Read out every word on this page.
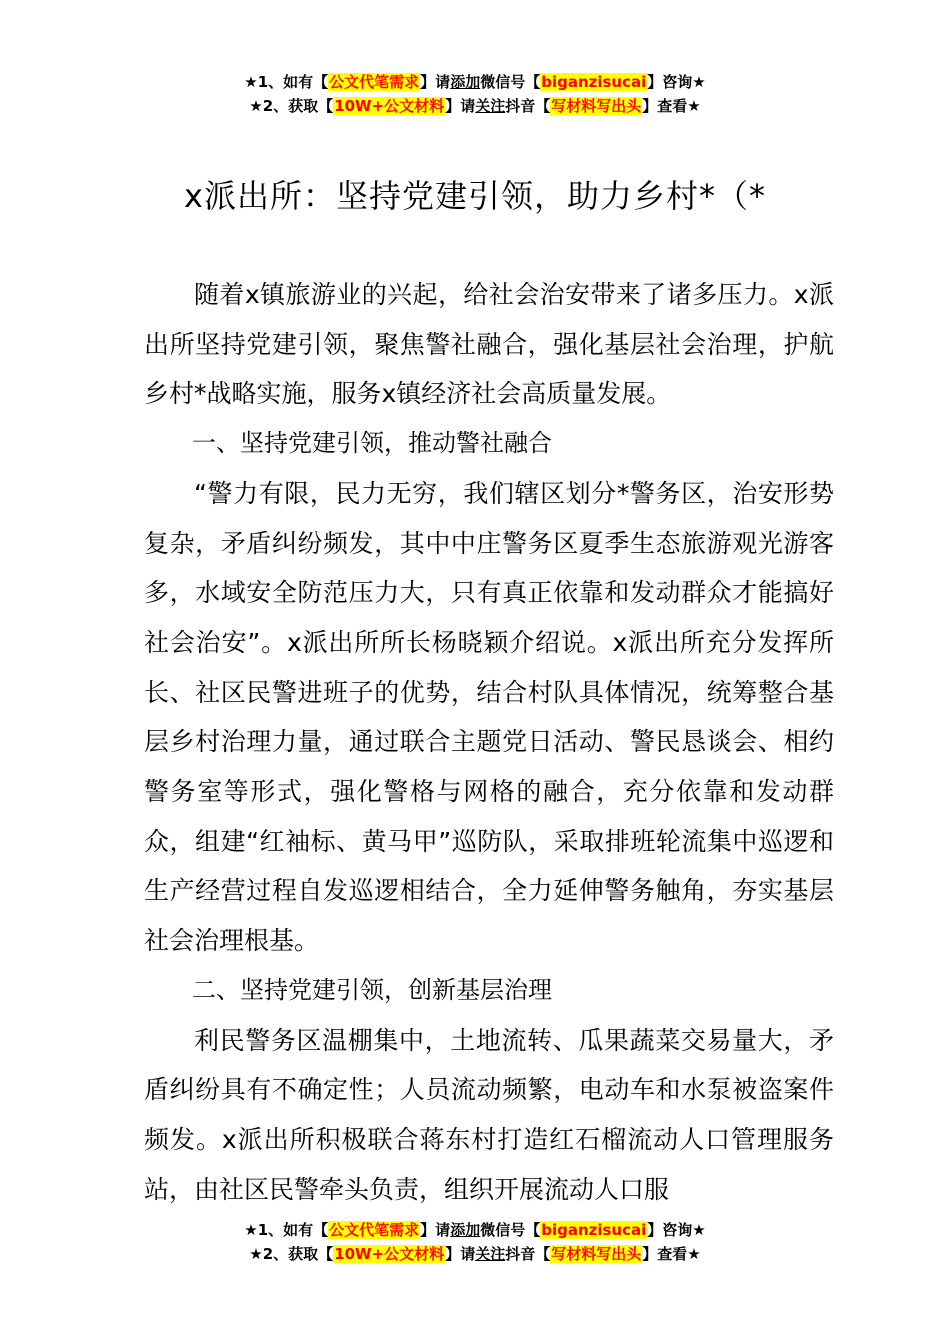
★1、如有【公文代笔需求】请添加微信号【biganzisucai】咨询★
★2、获取【10W+公文材料】请关注抖音【写材料写出头】查看★
x派出所：坚持党建引领，助力乡村*（*

随着x镇旅游业的兴起，给社会治安带来了诸多压力。x派出所坚持党建引领，聚焦警社融合，强化基层社会治理，护航乡村*战略实施，服务x镇经济社会高质量发展。

一、坚持党建引领，推动警社融合

“警力有限，民力无穷，我们辖区划分*警务区，治安形势复杂，矛盾纠纷频发，其中中庄警务区夏季生态旅游观光游客多，水域安全防范压力大，只有真正依靠和发动群众才能搞好社会治安”。x派出所所长杨晓颖介绍说。x派出所充分发挥所长、社区民警进班子的优势，结合村队具体情况，统筹整合基层乡村治理力量，通过联合主题党日活动、警民恳谈会、相约警务室等形式，强化警格与网格的融合，充分依靠和发动群众，组建“红袖标、黄马甲”巡防队，采取排班轮流集中巡逻和生产经营过程自发巡逻相结合，全力延伸警务触角，夯实基层社会治理根基。

二、坚持党建引领，创新基层治理

利民警务区温棚集中，土地流转、瓜果蔬菜交易量大，矛盾纠纷具有不确定性；人员流动频繁，电动车和水泵被盗案件频发。x派出所积极联合蒋东村打造红石榴流动人口管理服务站，由社区民警牵头负责，组织开展流动人口服

★1、如有【公文代笔需求】请添加微信号【biganzisucai】咨询★
★2、获取【10W+公文材料】请关注抖音【写材料写出头】查看★
